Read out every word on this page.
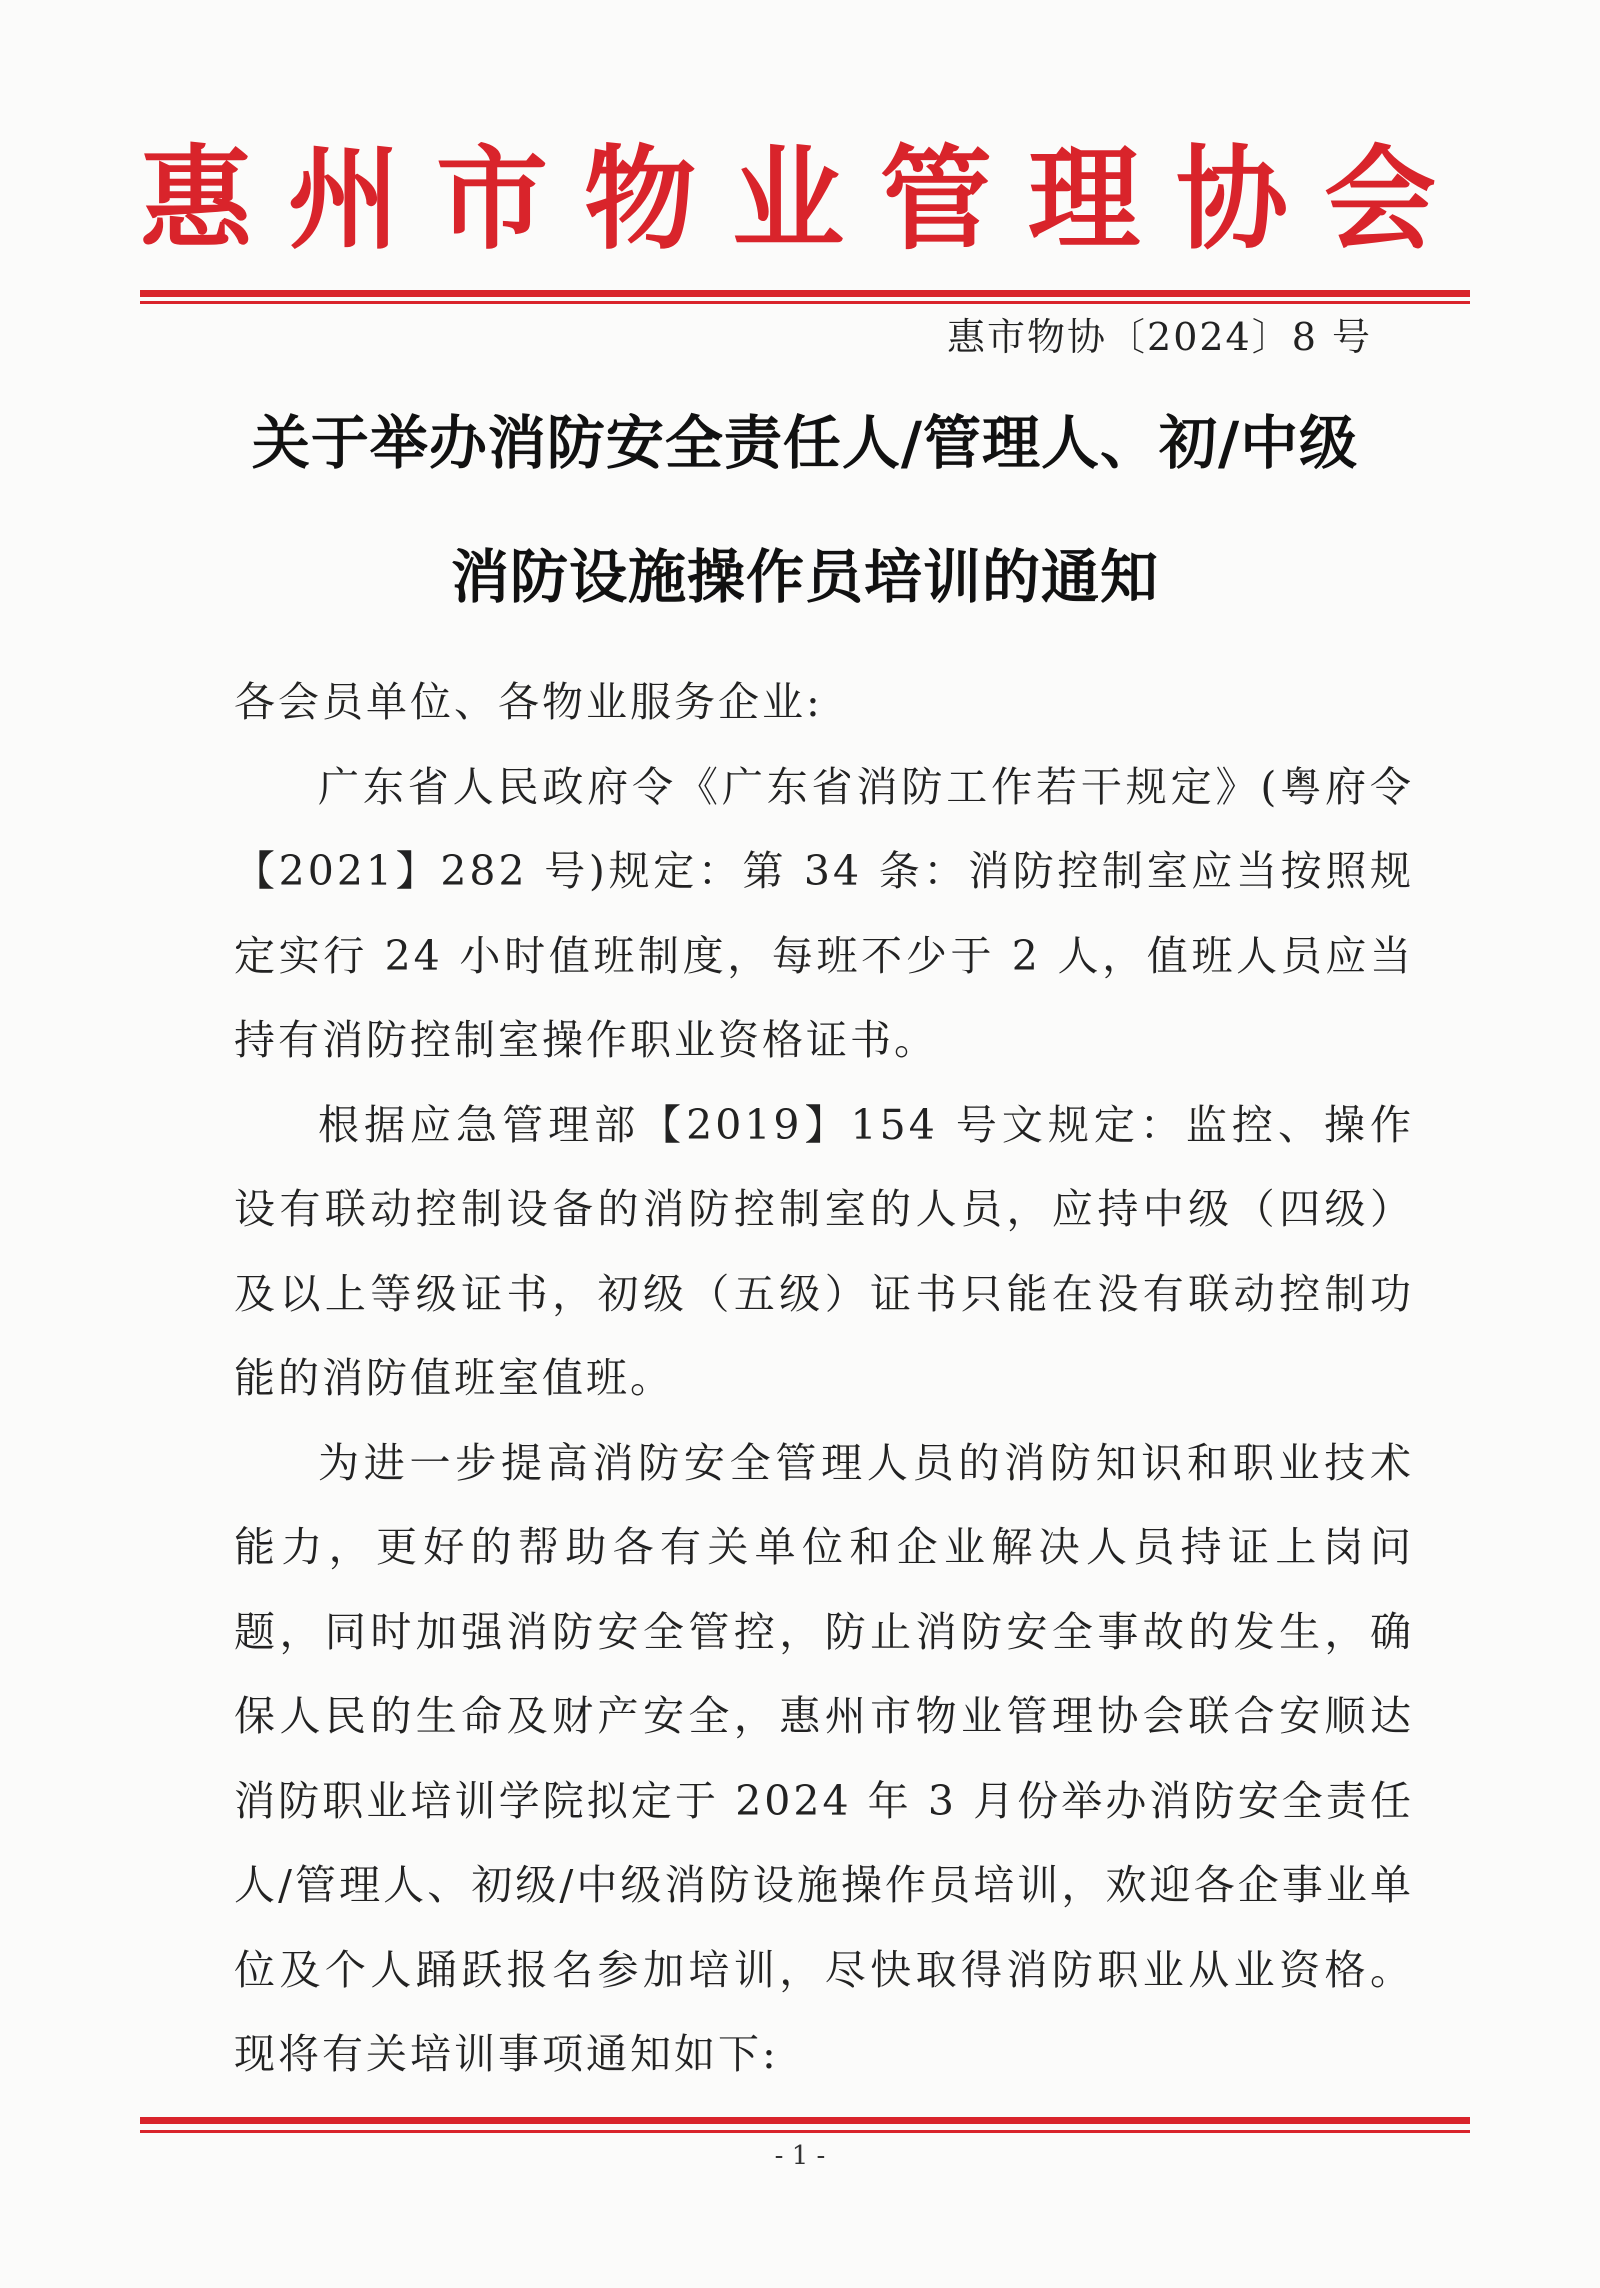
惠州市物业管理协会
惠市物协〔2024〕8 号
关于举办消防安全责任人/管理人、初/中级
消防设施操作员培训的通知

各会员单位、各物业服务企业:

广东省人民政府令《广东省消防工作若干规定》(粤府令【2021】282 号)规定：第 34 条：消防控制室应当按照规定实行 24 小时值班制度，每班不少于 2 人，值班人员应当持有消防控制室操作职业资格证书。

根据应急管理部【2019】154 号文规定：监控、操作设有联动控制设备的消防控制室的人员，应持中级（四级）及以上等级证书，初级（五级）证书只能在没有联动控制功能的消防值班室值班。

为进一步提高消防安全管理人员的消防知识和职业技术能力，更好的帮助各有关单位和企业解决人员持证上岗问题，同时加强消防安全管控，防止消防安全事故的发生，确保人民的生命及财产安全，惠州市物业管理协会联合安顺达消防职业培训学院拟定于 2024 年 3 月份举办消防安全责任人/管理人、初级/中级消防设施操作员培训，欢迎各企事业单位及个人踊跃报名参加培训，尽快取得消防职业从业资格。现将有关培训事项通知如下:

- 1 -
